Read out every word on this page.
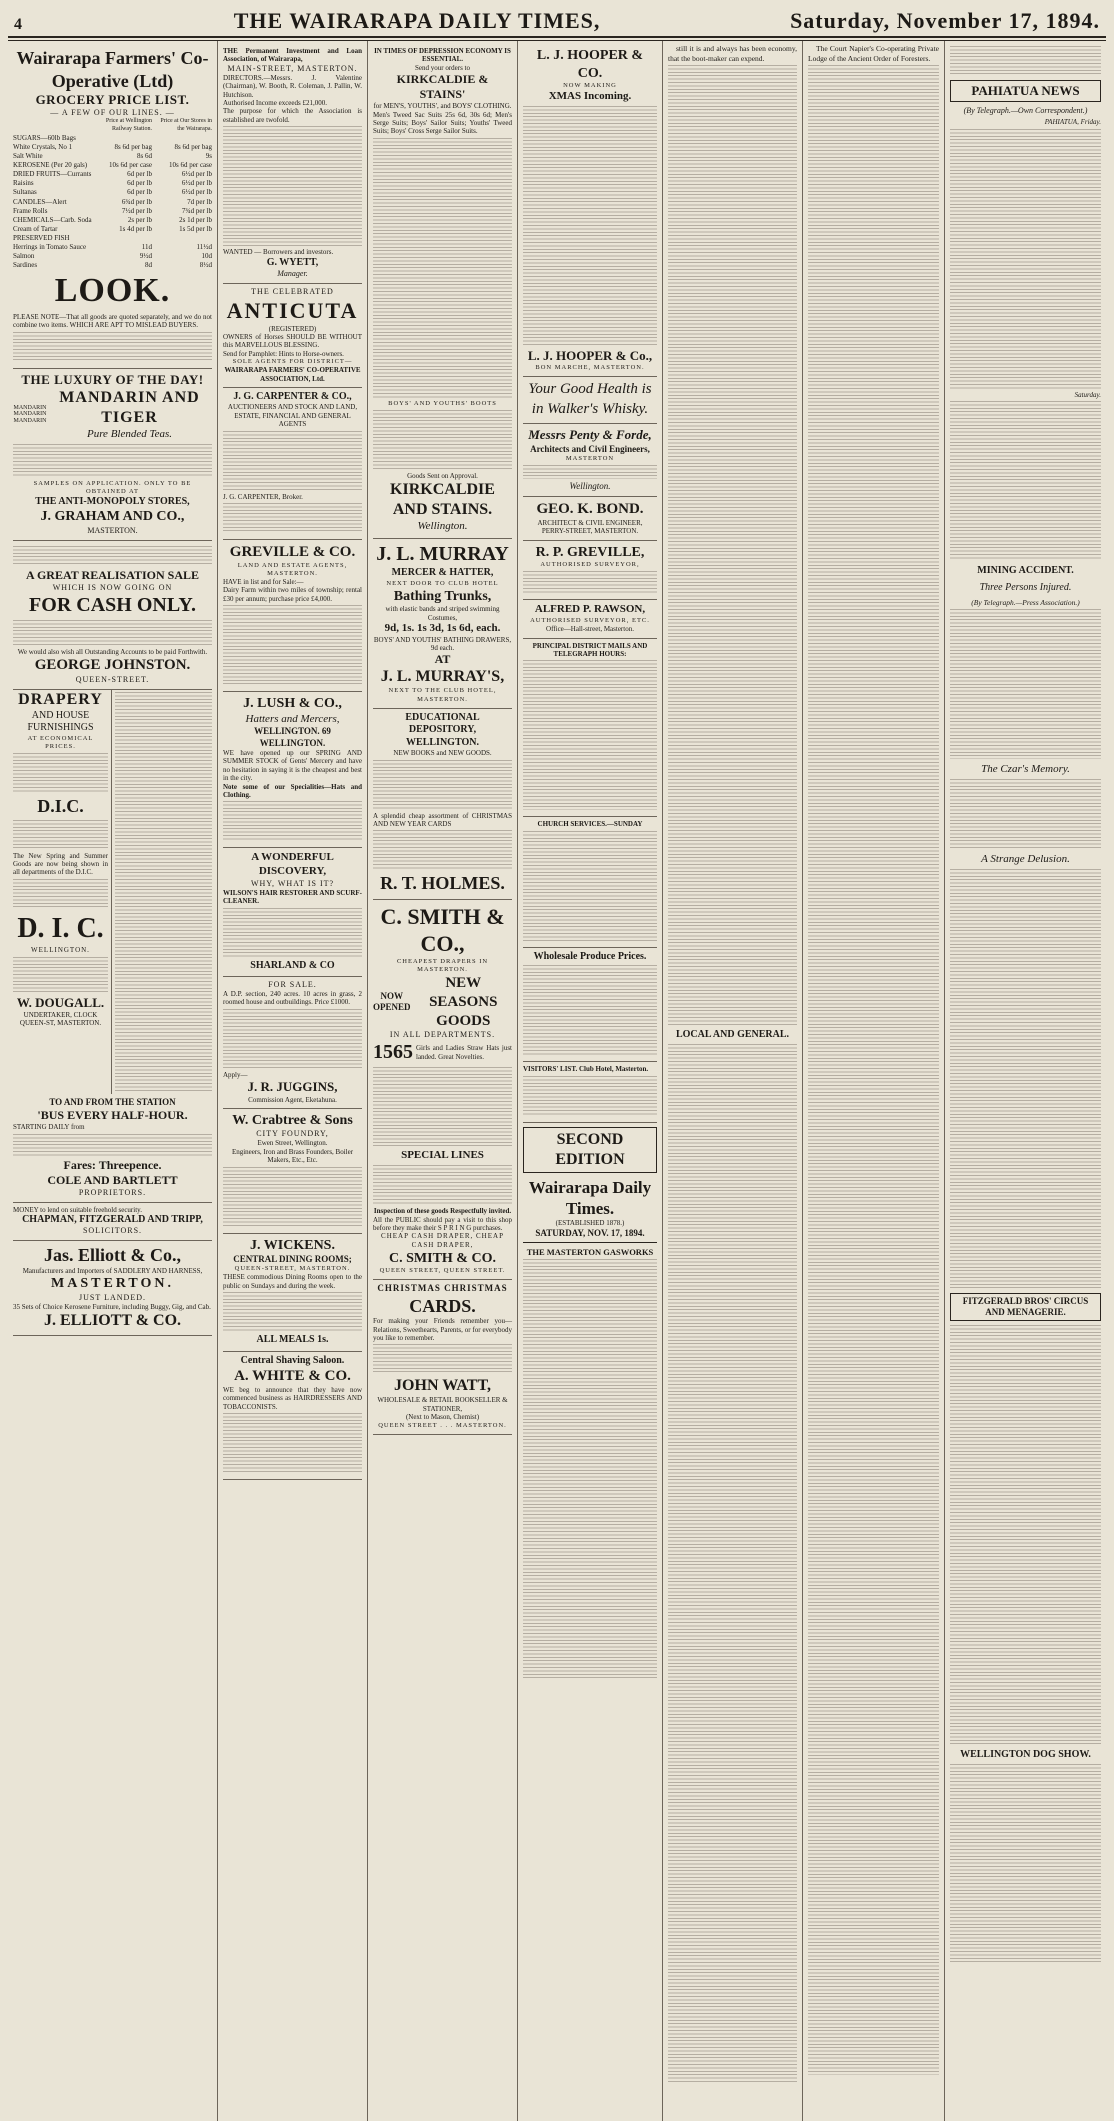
4	THE WAIRARAPA DAILY TIMES,	Saturday, November 17, 1894.
Wairarapa Farmers' Co-Operative (Ltd)
GROCERY PRICE LIST.
— A FEW OF OUR LINES. —
Price at Wellington Railway Station.
Price at Our Stores in the Wairarapa.
SUGARS—60lb Bags
White Crystals, No 1	8s 6d per bag	8s 6d per bag
Salt White	8s 6d	9s
KEROSENE (Per 20 gals)	10s 6d per case	10s 6d per case
DRIED FRUITS—Currants	6d per lb	6½d per lb
Raisins	6d per lb	6½d per lb
Sultanas	6d per lb	6½d per lb
CANDLES—Alert	6¾d per lb	7d per lb
Frame Rolls	7½d per lb	7¾d per lb
CHEMICALS—Carb. Soda	2s per lb	2s 1d per lb
Cream of Tartar	1s 4d per lb	1s 5d per lb
PRESERVED FISH
Herrings in Tomato Sauce	11d	11½d
Salmon	9½d	10d
Sardines	8d	8½d
LOOK.
PLEASE NOTE—That all goods are quoted separately, and we do not combine two items. WHICH ARE APT TO MISLEAD BUYERS.
THE LUXURY OF THE DAY!
MANDARIN
MANDARIN
MANDARIN
MANDARIN AND TIGER
Pure Blended Teas.
SAMPLES ON APPLICATION. ONLY TO BE OBTAINED AT
THE ANTI-MONOPOLY STORES,
J. GRAHAM AND CO.,
MASTERTON.
A GREAT REALISATION SALE
WHICH IS NOW GOING ON
FOR CASH ONLY.
We would also wish all Outstanding Accounts to be paid Forthwith.
GEORGE JOHNSTON.
QUEEN-STREET.
DRAPERY
AND HOUSE FURNISHINGS
AT ECONOMICAL PRICES.
D.I.C.
The New Spring and Summer Goods are now being shown in all departments of the D.I.C.
D. I. C.
WELLINGTON.
W. DOUGALL.
UNDERTAKER, CLOCK QUEEN-ST, MASTERTON.
TO AND FROM THE STATION
'BUS EVERY HALF-HOUR.
STARTING DAILY from
Fares: Threepence.
COLE AND BARTLETT
PROPRIETORS.
MONEY to lend on suitable freehold security.
CHAPMAN, FITZGERALD AND TRIPP,
SOLICITORS.
Jas. Elliott & Co.,
Manufacturers and Importers of SADDLERY AND HARNESS,
MASTERTON.
JUST LANDED.
35 Sets of Choice Kerosene Furniture, including Buggy, Gig, and Cab.
J. ELLIOTT & CO.
THE Permanent Investment and Loan Association, of Wairarapa,
MAIN-STREET, MASTERTON.
DIRECTORS.—Messrs. J. Valentine (Chairman), W. Booth, R. Coleman, J. Pallin, W. Hutchison.
Authorised Income exceeds £21,000.
The purpose for which the Association is established are twofold.
WANTED — Borrowers and investors.
G. WYETT,
Manager.
THE CELEBRATED
ANTICUTA
(REGISTERED)
OWNERS of Horses SHOULD BE WITHOUT this MARVELLOUS BLESSING.
Send for Pamphlet: Hints to Horse-owners.
SOLE AGENTS FOR DISTRICT—
WAIRARAPA FARMERS' CO-OPERATIVE ASSOCIATION, Ltd.
J. G. CARPENTER & CO.,
AUCTIONEERS AND STOCK AND LAND, ESTATE, FINANCIAL AND GENERAL AGENTS
J. G. CARPENTER, Broker.
GREVILLE & CO.
LAND AND ESTATE AGENTS,
MASTERTON.
HAVE in list and for Sale:—
Dairy Farm within two miles of township; rental £30 per annum; purchase price £4,000.
J. LUSH & CO.,
Hatters and Mercers,
WELLINGTON. 69 WELLINGTON.
WE have opened up our SPRING AND SUMMER STOCK of Gents' Mercery and have no hesitation in saying it is the cheapest and best in the city.
Note some of our Specialities—Hats and Clothing.
A WONDERFUL DISCOVERY,
WHY, WHAT IS IT?
WILSON'S HAIR RESTORER AND SCURF-CLEANER.
SHARLAND & CO
FOR SALE.
A D.P. section, 240 acres. 10 acres in grass, 2 roomed house and outbuildings. Price £1000.
Apply—
J. R. JUGGINS,
Commission Agent, Eketahuna.
W. Crabtree & Sons
CITY FOUNDRY,
Ewen Street, Wellington.
Engineers, Iron and Brass Founders, Boiler Makers, Etc., Etc.
J. WICKENS.
CENTRAL DINING ROOMS;
QUEEN-STREET, MASTERTON.
THESE commodious Dining Rooms open to the public on Sundays and during the week.
ALL MEALS 1s.
Central Shaving Saloon.
A. WHITE & CO.
WE beg to announce that they have now commenced business as HAIRDRESSERS AND TOBACCONISTS.
IN TIMES OF DEPRESSION ECONOMY IS ESSENTIAL.
Send your orders to
KIRKCALDIE & STAINS'
for MEN'S, YOUTHS', and BOYS' CLOTHING.
Men's Tweed Sac Suits 25s 6d, 30s 6d; Men's Serge Suits; Boys' Sailor Suits; Youths' Tweed Suits; Boys' Cross Serge Sailor Suits.
BOYS' AND YOUTHS' BOOTS
Goods Sent on Approval.
KIRKCALDIE AND STAINS.
Wellington.
J. L. MURRAY
MERCER & HATTER,
NEXT DOOR TO CLUB HOTEL
Bathing Trunks,
with elastic bands and striped swimming Costumes,
9d, 1s. 1s 3d, 1s 6d, each.
BOYS' AND YOUTHS' BATHING DRAWERS, 9d each.
AT
J. L. MURRAY'S,
NEXT TO THE CLUB HOTEL, MASTERTON.
EDUCATIONAL DEPOSITORY, WELLINGTON.
NEW BOOKS and NEW GOODS.
A splendid cheap assortment of CHRISTMAS AND NEW YEAR CARDS
R. T. HOLMES.
C. SMITH & CO.,
CHEAPEST DRAPERS IN MASTERTON.
NOW OPENED
NEW SEASONS GOODS
IN ALL DEPARTMENTS.
1565 Girls and Ladies Straw Hats just landed. Great Novelties.
SPECIAL LINES
Inspection of these goods Respectfully invited.
All the PUBLIC should pay a visit to this shop before they make their S P R I N G purchases.
CHEAP CASH DRAPER, CHEAP CASH DRAPER,
C. SMITH & CO.
QUEEN STREET, QUEEN STREET.
CHRISTMAS CHRISTMAS
CARDS.
For making your Friends remember you—Relations, Sweethearts, Parents, or for everybody you like to remember.
JOHN WATT,
WHOLESALE & RETAIL BOOKSELLER & STATIONER,
(Next to Mason, Chemist)
QUEEN STREET . . . MASTERTON.
L. J. HOOPER & CO.
NOW MAKING
XMAS Incoming.
L. J. HOOPER & Co.,
BON MARCHE, MASTERTON.
Your Good Health is in Walker's Whisky.
Messrs Penty & Forde,
Architects and Civil Engineers,
MASTERTON
Wellington.
GEO. K. BOND.
ARCHITECT & CIVIL ENGINEER,
PERRY-STREET, MASTERTON.
R. P. GREVILLE,
AUTHORISED SURVEYOR,
ALFRED P. RAWSON,
AUTHORISED SURVEYOR, ETC.
Office—Hall-street, Masterton.
PRINCIPAL DISTRICT MAILS AND TELEGRAPH HOURS:
CHURCH SERVICES.—SUNDAY
Wholesale Produce Prices.
VISITORS' LIST. Club Hotel, Masterton.
SECOND EDITION
Wairarapa Daily Times.
(ESTABLISHED 1878.)
SATURDAY, NOV. 17, 1894.
THE MASTERTON GASWORKS
still it is and always has been economy, that the boot-maker can expend.
LOCAL AND GENERAL.
The Court Napier's Co-operating Private Lodge of the Ancient Order of Foresters.
PAHIATUA NEWS
(By Telegraph.—Own Correspondent.)
PAHIATUA, Friday.
Saturday.
MINING ACCIDENT.
Three Persons Injured.
(By Telegraph.—Press Association.)
The Czar's Memory.
A Strange Delusion.
FITZGERALD BROS' CIRCUS AND MENAGERIE.
WELLINGTON DOG SHOW.
